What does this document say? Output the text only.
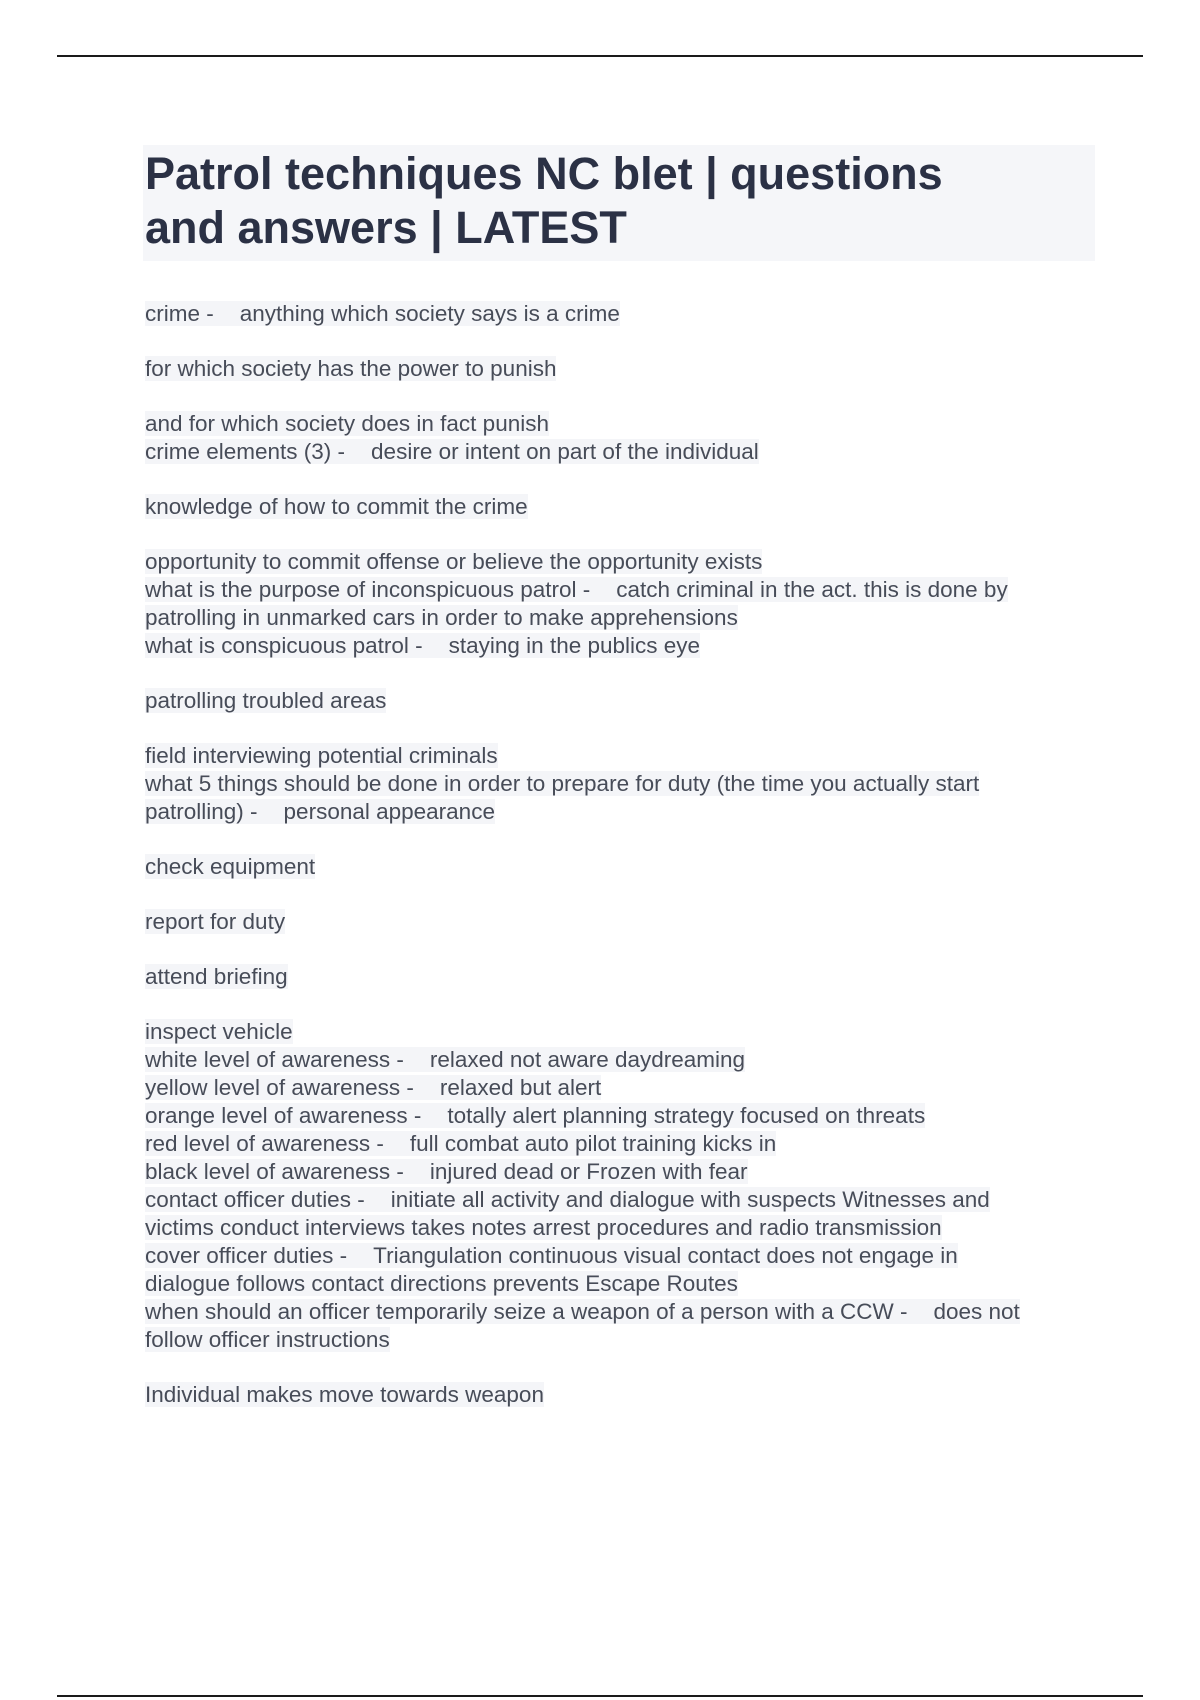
Patrol techniques NC blet | questions
and answers | LATEST
crime - anything which society says is a crime
for which society has the power to punish
and for which society does in fact punish
crime elements (3) - desire or intent on part of the individual
knowledge of how to commit the crime
opportunity to commit offense or believe the opportunity exists
what is the purpose of inconspicuous patrol - catch criminal in the act. this is done by
patrolling in unmarked cars in order to make apprehensions
what is conspicuous patrol - staying in the publics eye
patrolling troubled areas
field interviewing potential criminals
what 5 things should be done in order to prepare for duty (the time you actually start
patrolling) - personal appearance
check equipment
report for duty
attend briefing
inspect vehicle
white level of awareness - relaxed not aware daydreaming
yellow level of awareness - relaxed but alert
orange level of awareness - totally alert planning strategy focused on threats
red level of awareness - full combat auto pilot training kicks in
black level of awareness - injured dead or Frozen with fear
contact officer duties - initiate all activity and dialogue with suspects Witnesses and
victims conduct interviews takes notes arrest procedures and radio transmission
cover officer duties - Triangulation continuous visual contact does not engage in
dialogue follows contact directions prevents Escape Routes
when should an officer temporarily seize a weapon of a person with a CCW - does not
follow officer instructions
Individual makes move towards weapon
